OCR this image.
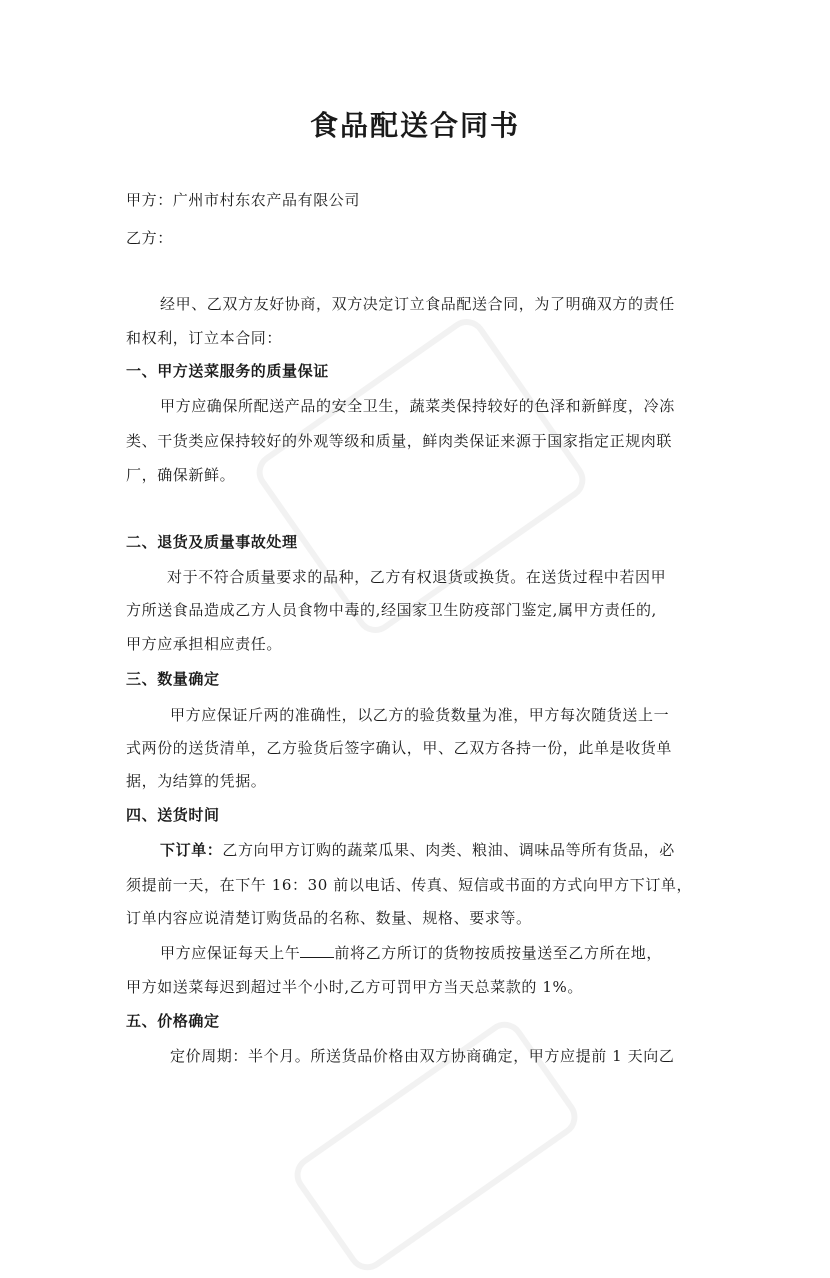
食品配送合同书
甲方：广州市村东农产品有限公司
乙方：
经甲、乙双方友好协商，双方决定订立食品配送合同，为了明确双方的责任
和权利，订立本合同：
一、甲方送菜服务的质量保证
甲方应确保所配送产品的安全卫生，蔬菜类保持较好的色泽和新鲜度，冷冻
类、干货类应保持较好的外观等级和质量，鲜肉类保证来源于国家指定正规肉联
厂，确保新鲜。
二、退货及质量事故处理
对于不符合质量要求的品种，乙方有权退货或换货。在送货过程中若因甲
方所送食品造成乙方人员食物中毒的,经国家卫生防疫部门鉴定,属甲方责任的,
甲方应承担相应责任。
三、数量确定
甲方应保证斤两的准确性，以乙方的验货数量为准，甲方每次随货送上一
式两份的送货清单，乙方验货后签字确认，甲、乙双方各持一份，此单是收货单
据，为结算的凭据。
四、送货时间
下订单：乙方向甲方订购的蔬菜瓜果、肉类、粮油、调味品等所有货品，必
须提前一天，在下午 16：30 前以电话、传真、短信或书面的方式向甲方下订单，
订单内容应说清楚订购货品的名称、数量、规格、要求等。
甲方应保证每天上午 前将乙方所订的货物按质按量送至乙方所在地，
甲方如送菜每迟到超过半个小时,乙方可罚甲方当天总菜款的 1%。
五、价格确定
定价周期：半个月。所送货品价格由双方协商确定，甲方应提前 1 天向乙
